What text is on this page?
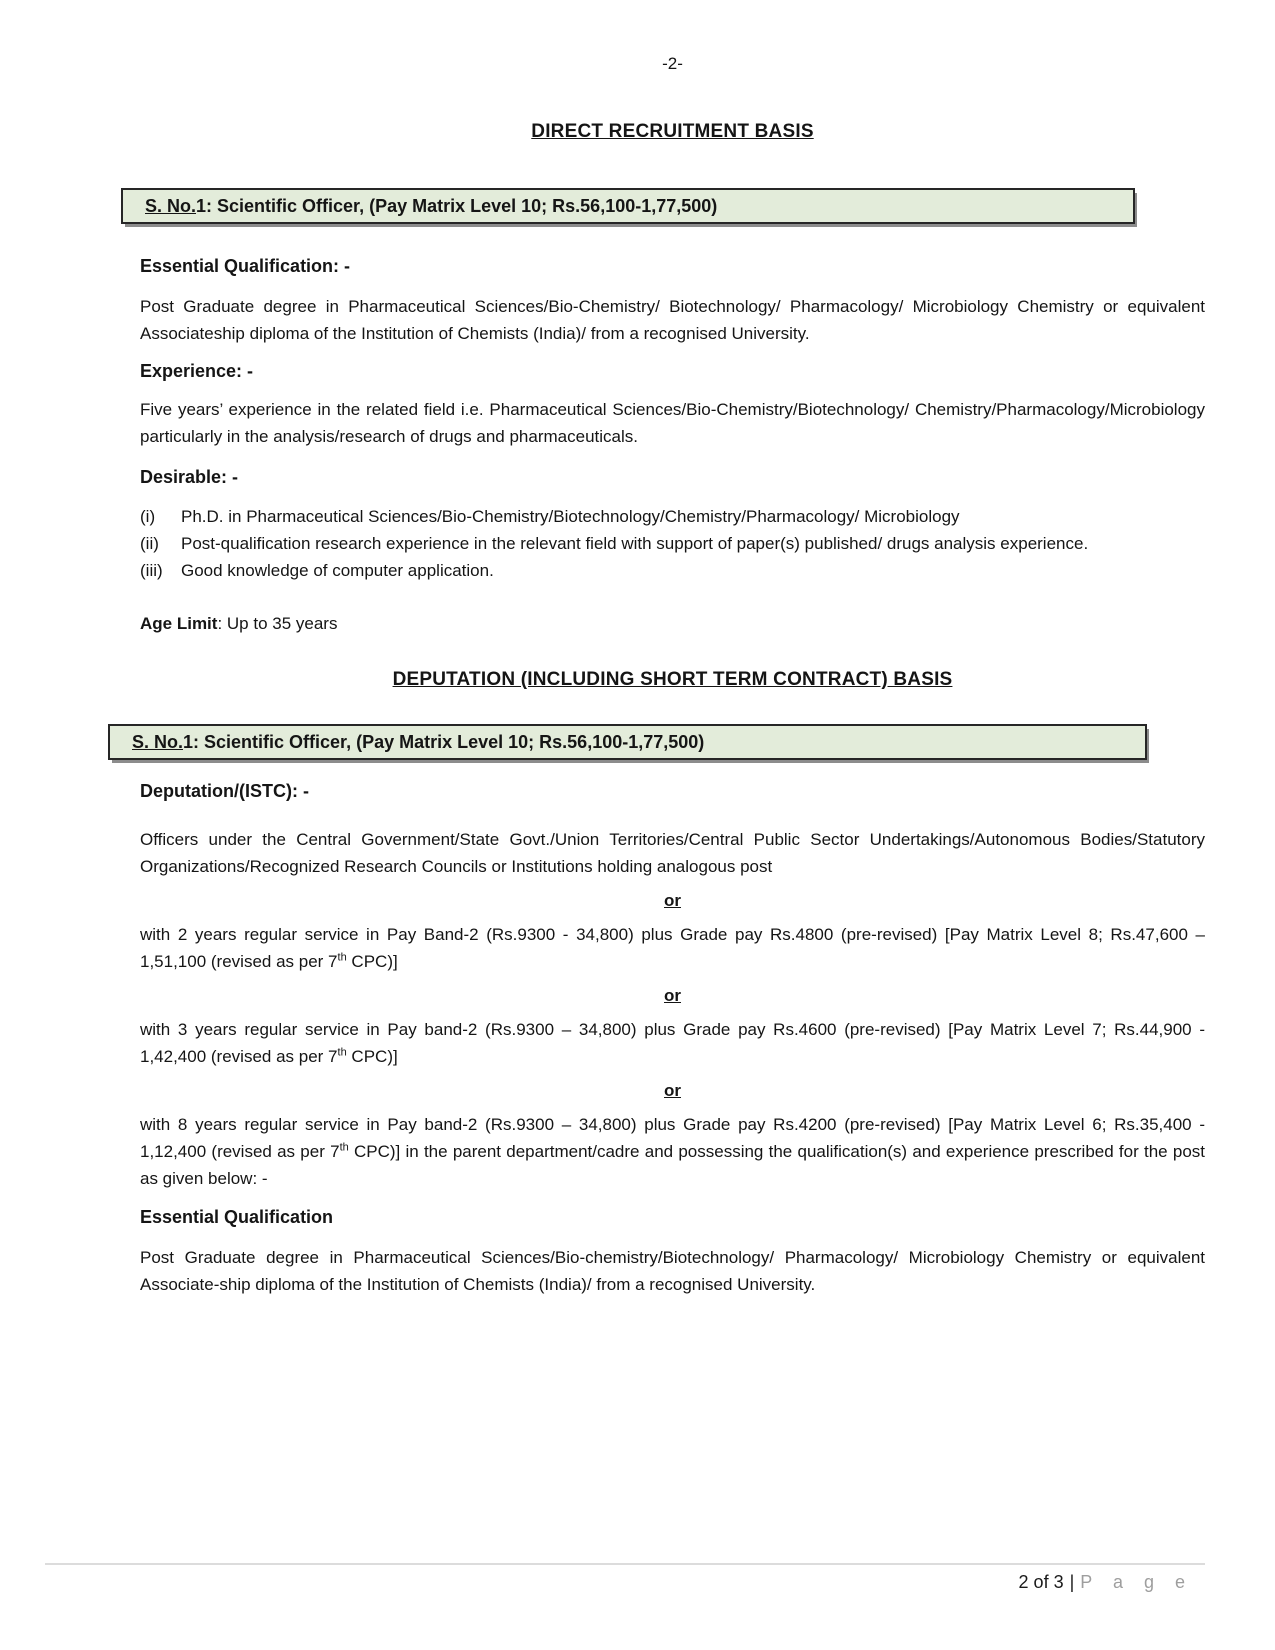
-2-
DIRECT RECRUITMENT BASIS
S. No. 1: Scientific Officer, (Pay Matrix Level 10; Rs.56,100-1,77,500)
Essential Qualification: -

Post Graduate degree in Pharmaceutical Sciences/Bio-Chemistry/ Biotechnology/ Pharmacology/ Microbiology Chemistry or equivalent Associateship diploma of the Institution of Chemists (India)/ from a recognised University.

Experience: -

Five years’ experience in the related field i.e. Pharmaceutical Sciences/Bio-Chemistry/Biotechnology/ Chemistry/Pharmacology/Microbiology particularly in the analysis/research of drugs and pharmaceuticals.

Desirable: -
(i)	Ph.D. in Pharmaceutical Sciences/Bio-Chemistry/Biotechnology/Chemistry/Pharmacology/ Microbiology
(ii)	Post-qualification research experience in the relevant field with support of paper(s) published/ drugs analysis experience.
(iii)	Good knowledge of computer application.
Age Limit: Up to 35 years
DEPUTATION (INCLUDING SHORT TERM CONTRACT) BASIS
S. No. 1: Scientific Officer, (Pay Matrix Level 10; Rs.56,100-1,77,500)
Deputation/(ISTC): -

Officers under the Central Government/State Govt./Union Territories/Central Public Sector Undertakings/Autonomous Bodies/Statutory Organizations/Recognized Research Councils or Institutions holding analogous post

or

with 2 years regular service in Pay Band-2 (Rs.9300 - 34,800) plus Grade pay Rs.4800 (pre-revised) [Pay Matrix Level 8; Rs.47,600 – 1,51,100 (revised as per 7th CPC)]

or

with 3 years regular service in Pay band-2 (Rs.9300 – 34,800) plus Grade pay Rs.4600 (pre-revised) [Pay Matrix Level 7; Rs.44,900 - 1,42,400 (revised as per 7th CPC)]

or

with 8 years regular service in Pay band-2 (Rs.9300 – 34,800) plus Grade pay Rs.4200 (pre-revised) [Pay Matrix Level 6; Rs.35,400 - 1,12,400 (revised as per 7th CPC)] in the parent department/cadre and possessing the qualification(s) and experience prescribed for the post as given below: -

Essential Qualification

Post Graduate degree in Pharmaceutical Sciences/Bio-chemistry/Biotechnology/ Pharmacology/ Microbiology Chemistry or equivalent Associate-ship diploma of the Institution of Chemists (India)/ from a recognised University.

2 of 3 | P a g e
